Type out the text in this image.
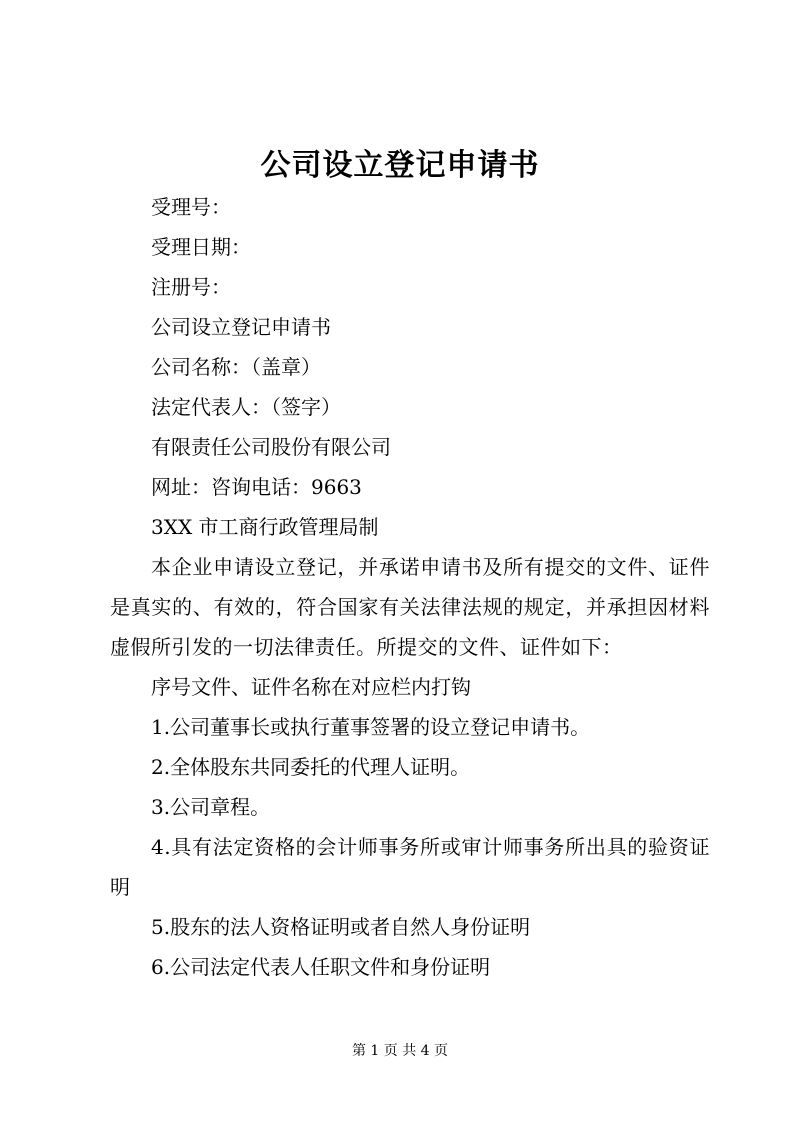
公司设立登记申请书
受理号：
受理日期：
注册号：
公司设立登记申请书
公司名称：（盖章）
法定代表人：（签字）
有限责任公司股份有限公司
网址：咨询电话：9663
3XX 市工商行政管理局制
本企业申请设立登记，并承诺申请书及所有提交的文件、证件是真实的、有效的，符合国家有关法律法规的规定，并承担因材料虚假所引发的一切法律责任。所提交的文件、证件如下：
序号文件、证件名称在对应栏内打钩
1.公司董事长或执行董事签署的设立登记申请书。
2.全体股东共同委托的代理人证明。
3.公司章程。
4.具有法定资格的会计师事务所或审计师事务所出具的验资证明
5.股东的法人资格证明或者自然人身份证明
6.公司法定代表人任职文件和身份证明
第 1 页 共 4 页
